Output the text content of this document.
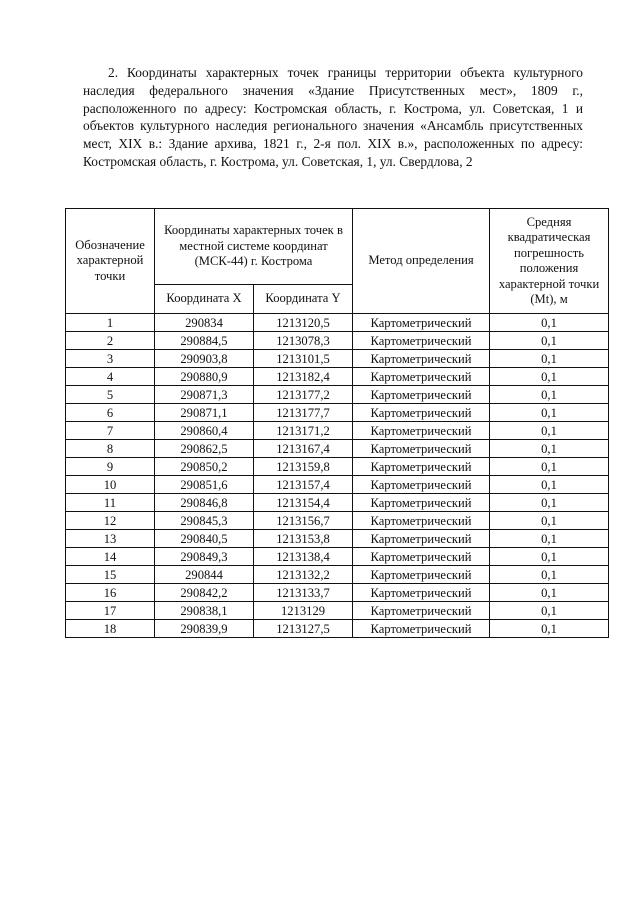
2. Координаты характерных точек границы территории объекта культурного наследия федерального значения «Здание Присутственных мест», 1809 г., расположенного по адресу: Костромская область, г. Кострома, ул. Советская, 1 и объектов культурного наследия регионального значения «Ансамбль присутственных мест, XIX в.: Здание архива, 1821 г., 2-я пол. XIX в.», расположенных по адресу: Костромская область, г. Кострома, ул. Советская, 1, ул. Свердлова, 2

Обозначение характерной точки	Координаты характерных точек в местной системе координат (МСК-44) г. Кострома		Метод определения	Средняя квадратическая погрешность положения характерной точки (Mt), м
	Координата X	Координата Y		
1	290834	1213120,5	Картометрический	0,1
2	290884,5	1213078,3	Картометрический	0,1
3	290903,8	1213101,5	Картометрический	0,1
4	290880,9	1213182,4	Картометрический	0,1
5	290871,3	1213177,2	Картометрический	0,1
6	290871,1	1213177,7	Картометрический	0,1
7	290860,4	1213171,2	Картометрический	0,1
8	290862,5	1213167,4	Картометрический	0,1
9	290850,2	1213159,8	Картометрический	0,1
10	290851,6	1213157,4	Картометрический	0,1
11	290846,8	1213154,4	Картометрический	0,1
12	290845,3	1213156,7	Картометрический	0,1
13	290840,5	1213153,8	Картометрический	0,1
14	290849,3	1213138,4	Картометрический	0,1
15	290844	1213132,2	Картометрический	0,1
16	290842,2	1213133,7	Картометрический	0,1
17	290838,1	1213129	Картометрический	0,1
18	290839,9	1213127,5	Картометрический	0,1
